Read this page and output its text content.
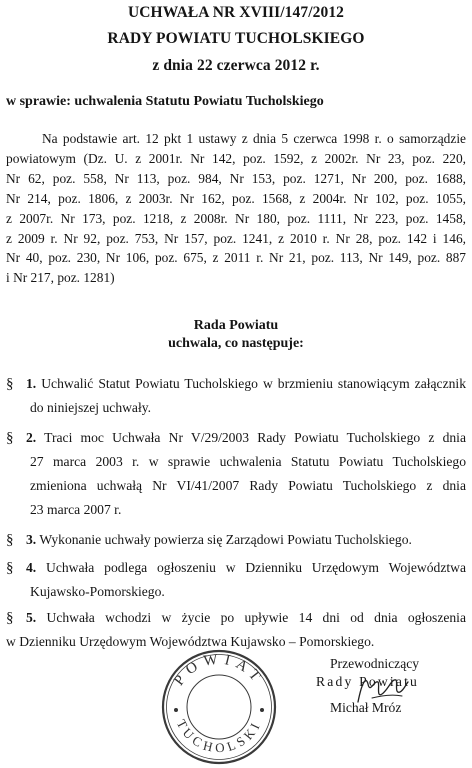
UCHWAŁA NR XVIII/147/2012
RADY POWIATU TUCHOLSKIEGO
z dnia 22 czerwca 2012 r.
w sprawie: uchwalenia Statutu Powiatu Tucholskiego
Na podstawie art. 12 pkt 1 ustawy z dnia 5 czerwca 1998 r. o samorządzie
powiatowym (Dz. U. z 2001r. Nr 142, poz. 1592, z 2002r. Nr 23, poz. 220,
Nr 62, poz. 558, Nr 113, poz. 984, Nr 153, poz. 1271, Nr 200, poz. 1688,
Nr 214, poz. 1806, z 2003r. Nr 162, poz. 1568, z 2004r. Nr 102, poz. 1055,
z 2007r. Nr 173, poz. 1218, z 2008r. Nr 180, poz. 1111, Nr 223, poz. 1458,
z 2009 r. Nr 92, poz. 753, Nr 157, poz. 1241, z 2010 r. Nr 28, poz. 142 i 146,
Nr 40, poz. 230, Nr 106, poz. 675, z 2011 r. Nr 21, poz. 113, Nr 149, poz. 887
i Nr 217, poz. 1281)
Rada Powiatu
uchwala, co następuje:
§ 1. Uchwalić Statut Powiatu Tucholskiego w brzmieniu stanowiącym załącznik
do niniejszej uchwały.
§ 2. Traci moc Uchwała Nr V/29/2003 Rady Powiatu Tucholskiego z dnia
27 marca 2003 r. w sprawie uchwalenia Statutu Powiatu Tucholskiego
zmieniona uchwałą Nr VI/41/2007 Rady Powiatu Tucholskiego z dnia
23 marca 2007 r.
§ 3. Wykonanie uchwały powierza się Zarządowi Powiatu Tucholskiego.
§ 4. Uchwała podlega ogłoszeniu w Dzienniku Urzędowym Województwa
Kujawsko-Pomorskiego.
§ 5. Uchwała wchodzi w życie po upływie 14 dni od dnia ogłoszenia
w Dzienniku Urzędowym Województwa Kujawsko – Pomorskiego.
POWIAT
TUCHOLSKI
Przewodniczący
Rady Powiatu
Michał Mróz
